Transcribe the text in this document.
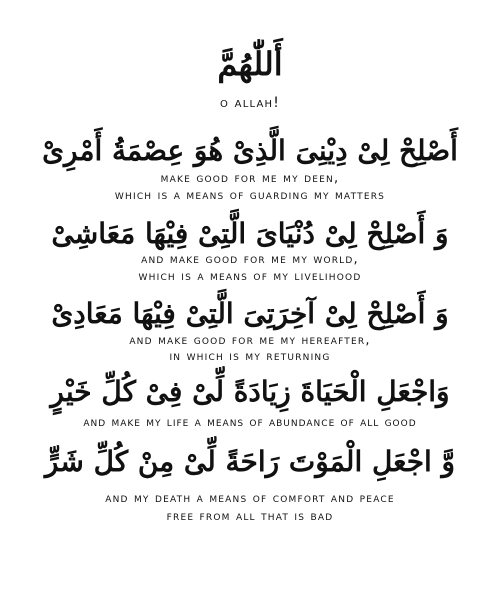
أَللّٰهُمَّ
o allah!
أَصْلِحْ لِىْ دِيْنِىَ الَّذِىْ هُوَ عِصْمَةُ أَمْرِىْ
make good for me my deen,
which is a means of guarding my matters
وَ أَصْلِحْ لِىْ دُنْيَاىَ الَّتِىْ فِيْهَا مَعَاشِىْ
and make good for me my world,
which is a means of my livelihood
وَ أَصْلِحْ لِىْ آخِرَتِىَ الَّتِىْ فِيْهَا مَعَادِىْ
and make good for me my hereafter,
in which is my returning
وَاجْعَلِ الْحَيَاةَ زِيَادَةً لِّىْ فِىْ كُلِّ خَيْرٍ
and make my life a means of abundance of all good
وَّ اجْعَلِ الْمَوْتَ رَاحَةً لِّىْ مِنْ كُلِّ شَرٍّ
and my death a means of comfort and peace
free from all that is bad
